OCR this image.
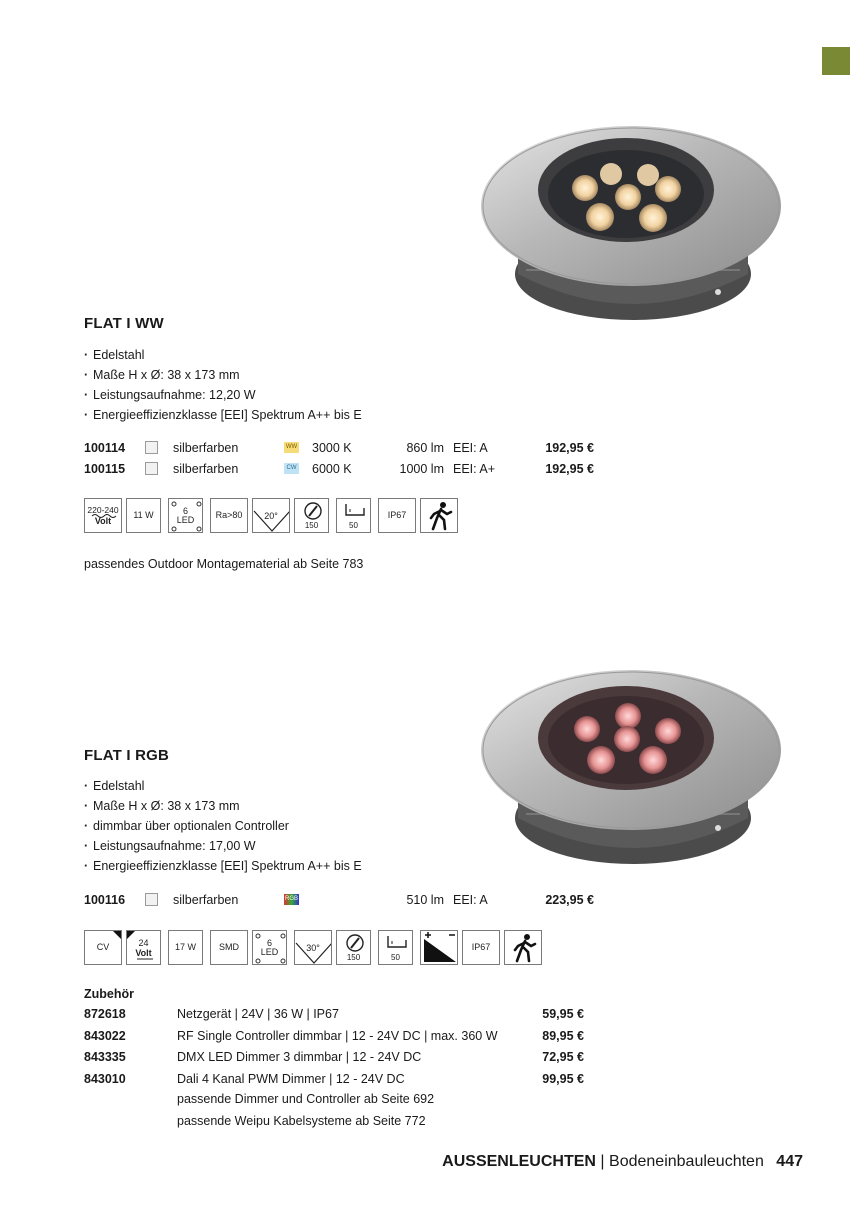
FLAT I WW
· Edelstahl
· Maße H x Ø: 38 x 173 mm
· Leistungsaufnahme: 12,20 W
· Energieeffizienzklasse [EEI] Spektrum A++ bis E
100114	silberfarben	WW 3000 K	860 lm EEI: A	192,95 €
100115	silberfarben	CW 6000 K	1000 lm EEI: A+	192,95 €
220-240
Volt
11 W	6
LED	Ra>80	20°
150	50
IP67
passendes Outdoor Montagematerial ab Seite 783
FLAT I RGB
· Edelstahl
· Maße H x Ø: 38 x 173 mm
· dimmbar über optionalen Controller
· Leistungsaufnahme: 17,00 W
· Energieeffizienzklasse [EEI] Spektrum A++ bis E
100116	silberfarben	RGB	510 lm EEI: A	223,95 €
CV	24
Volt
17 W	SMD	6
LED	30°
150	50
IP67
Zubehör
872618	Netzgerät | 24V | 36 W | IP67	59,95 €
843022	RF Single Controller dimmbar | 12 - 24V DC | max. 360 W	89,95 €
843335	DMX LED Dimmer 3 dimmbar | 12 - 24V DC	72,95 €
843010	Dali 4 Kanal PWM Dimmer | 12 - 24V DC	99,95 €
passende Dimmer und Controller ab Seite 692
passende Weipu Kabelsysteme ab Seite 772
AUSSENLEUCHTEN | Bodeneinbauleuchten 447
